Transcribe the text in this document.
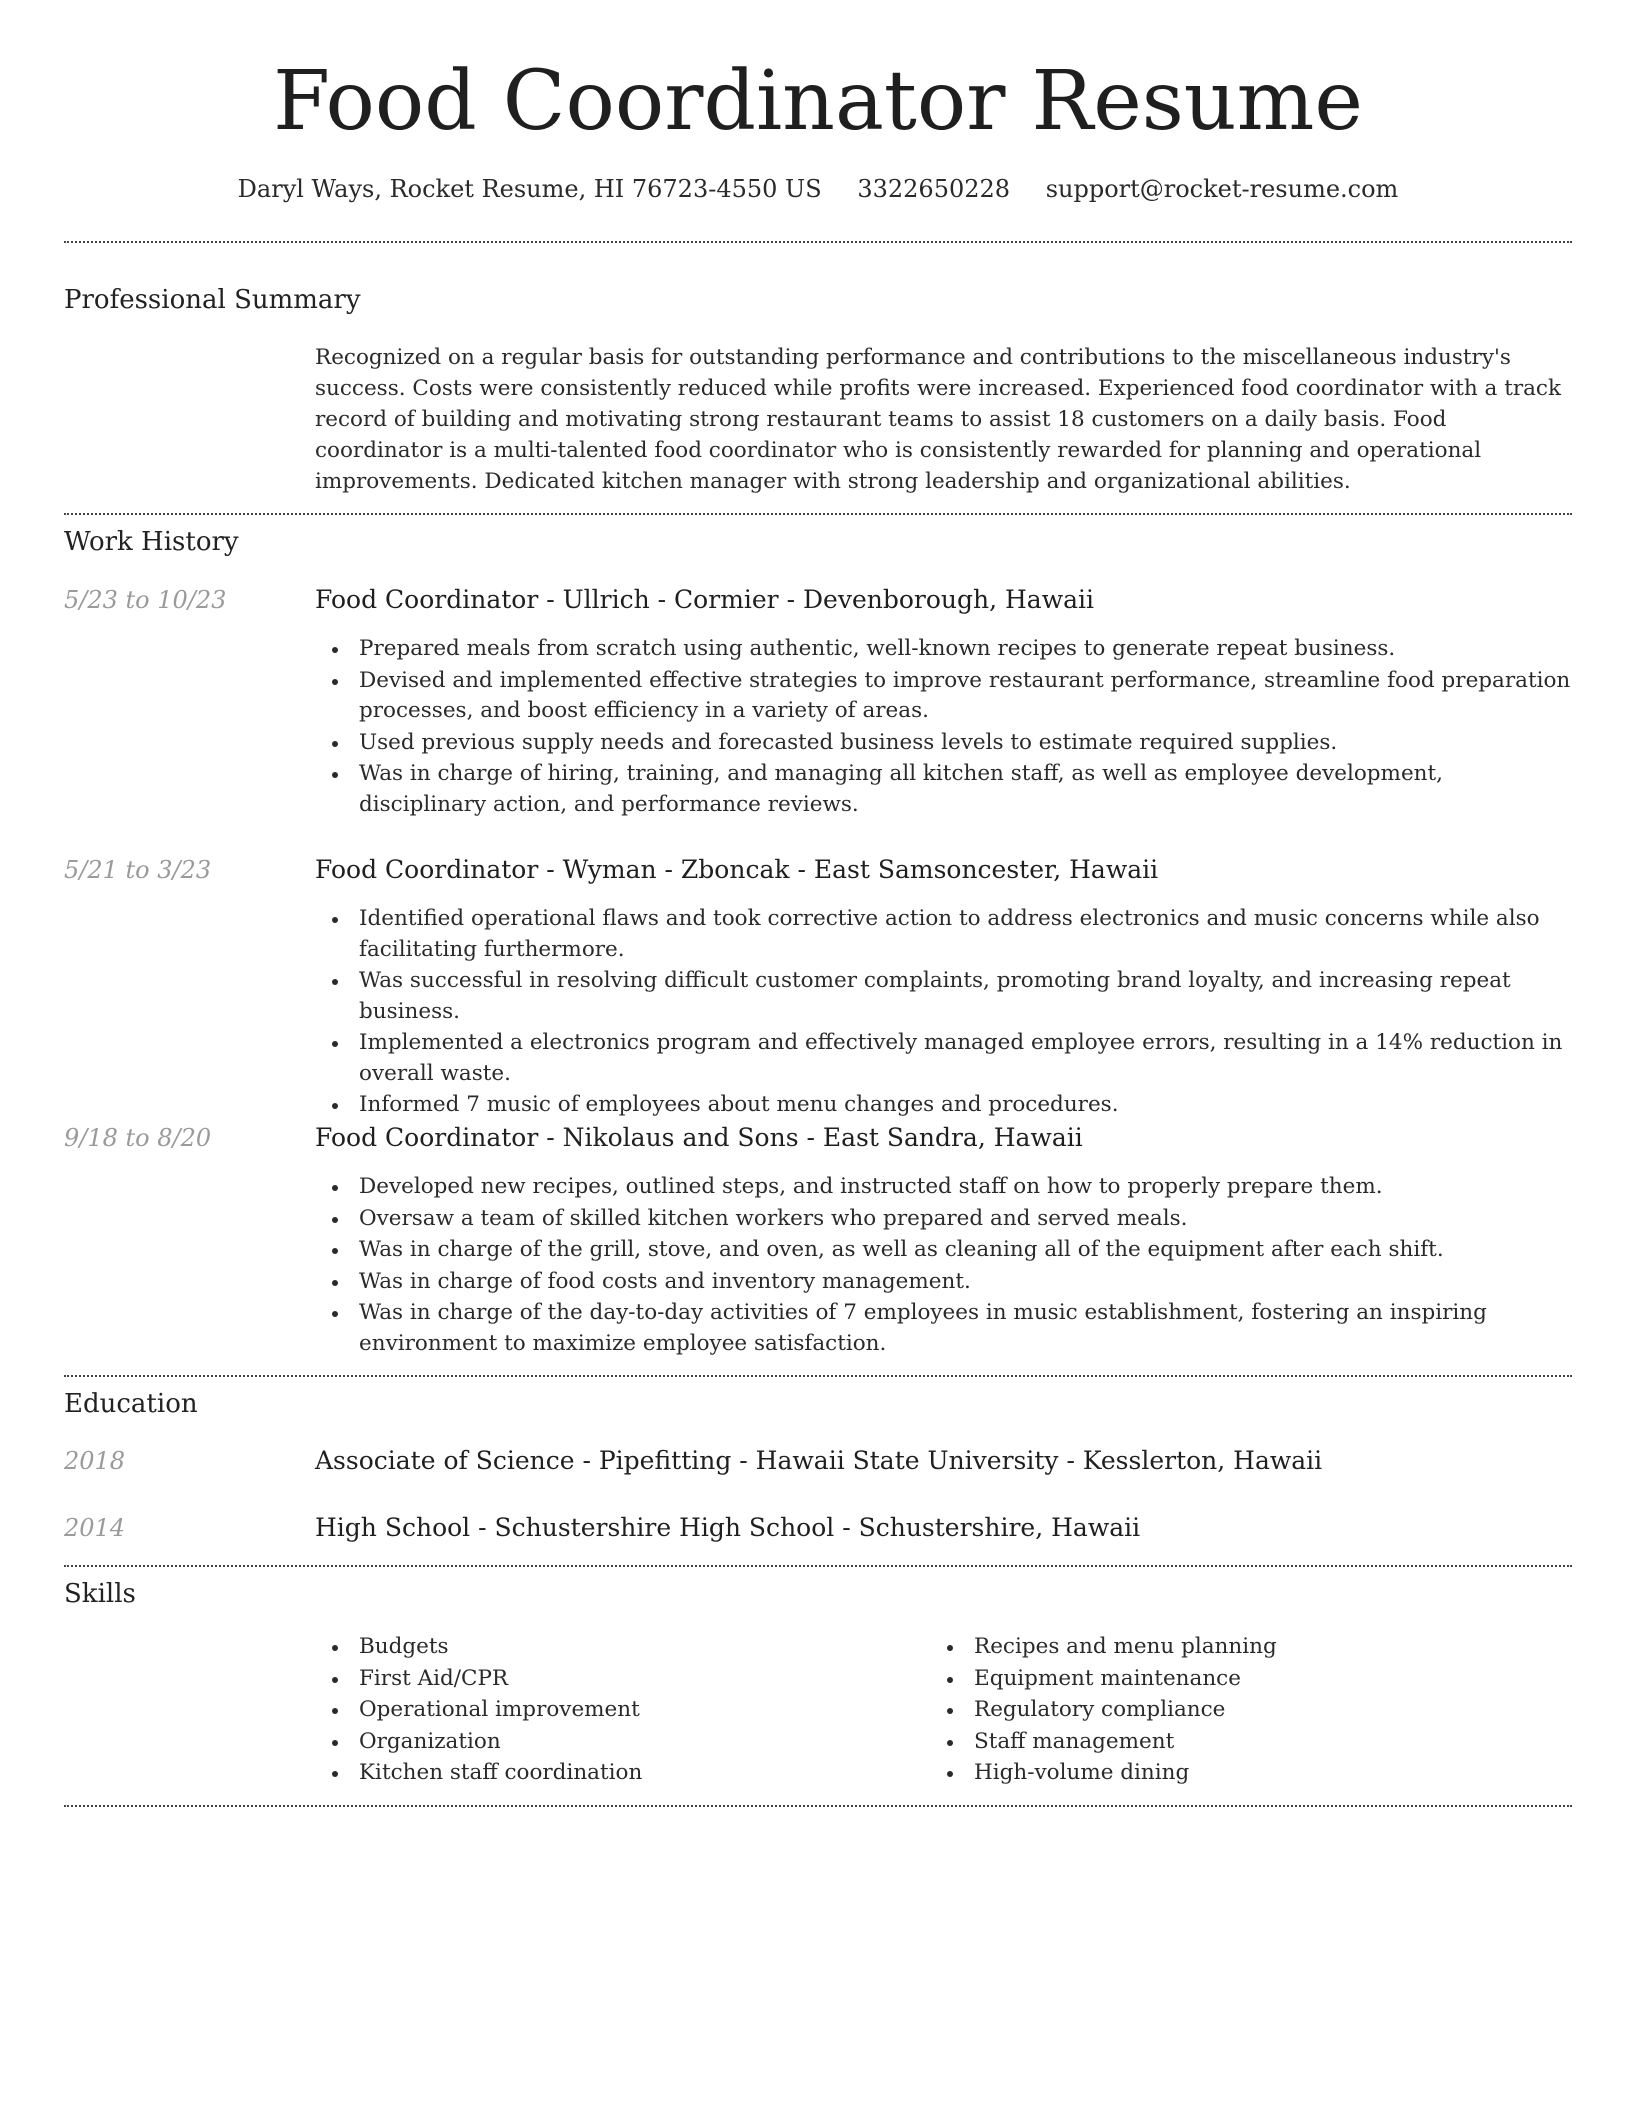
Food Coordinator Resume
Daryl Ways, Rocket Resume, HI 76723-4550 US 3322650228 support@rocket-resume.com
Professional Summary

Recognized on a regular basis for outstanding performance and contributions to the miscellaneous industry's success. Costs were consistently reduced while profits were increased. Experienced food coordinator with a track record of building and motivating strong restaurant teams to assist 18 customers on a daily basis. Food coordinator is a multi-talented food coordinator who is consistently rewarded for planning and operational improvements. Dedicated kitchen manager with strong leadership and organizational abilities.

Work History
5/23 to 10/23	Food Coordinator - Ullrich - Cormier - Devenborough, Hawaii
Prepared meals from scratch using authentic, well-known recipes to generate repeat business.
Devised and implemented effective strategies to improve restaurant performance, streamline food preparation processes, and boost efficiency in a variety of areas.
Used previous supply needs and forecasted business levels to estimate required supplies.
Was in charge of hiring, training, and managing all kitchen staff, as well as employee development, disciplinary action, and performance reviews.
5/21 to 3/23	Food Coordinator - Wyman - Zboncak - East Samsoncester, Hawaii
Identified operational flaws and took corrective action to address electronics and music concerns while also facilitating furthermore.
Was successful in resolving difficult customer complaints, promoting brand loyalty, and increasing repeat business.
Implemented a electronics program and effectively managed employee errors, resulting in a 14% reduction in overall waste.
Informed 7 music of employees about menu changes and procedures.
9/18 to 8/20	Food Coordinator - Nikolaus and Sons - East Sandra, Hawaii
Developed new recipes, outlined steps, and instructed staff on how to properly prepare them.
Oversaw a team of skilled kitchen workers who prepared and served meals.
Was in charge of the grill, stove, and oven, as well as cleaning all of the equipment after each shift.
Was in charge of food costs and inventory management.
Was in charge of the day-to-day activities of 7 employees in music establishment, fostering an inspiring environment to maximize employee satisfaction.
Education
2018	Associate of Science - Pipefitting - Hawaii State University - Kesslerton, Hawaii
2014	High School - Schustershire High School - Schustershire, Hawaii
Skills
Budgets
First Aid/CPR
Operational improvement
Organization
Kitchen staff coordination
Recipes and menu planning
Equipment maintenance
Regulatory compliance
Staff management
High-volume dining
